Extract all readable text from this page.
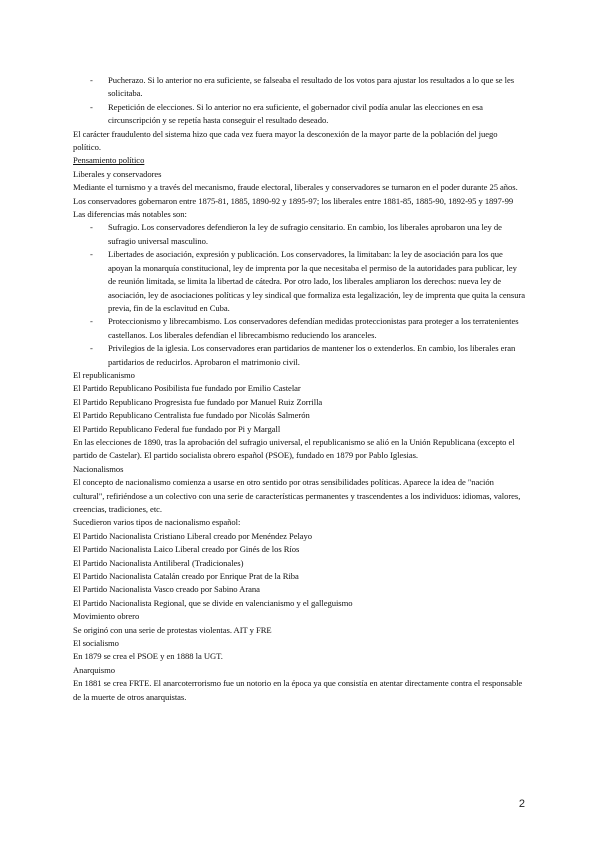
- Pucherazo. Si lo anterior no era suficiente, se falseaba el resultado de los votos para ajustar los resultados a lo que se les solicitaba.

- Repetición de elecciones. Si lo anterior no era suficiente, el gobernador civil podía anular las elecciones en esa circunscripción y se repetía hasta conseguir el resultado deseado.

El carácter fraudulento del sistema hizo que cada vez fuera mayor la desconexión de la mayor parte de la población del juego político.

Pensamiento político

Liberales y conservadores

Mediante el turnismo y a través del mecanismo, fraude electoral, liberales y conservadores se turnaron en el poder durante 25 años. Los conservadores gobernaron entre 1875-81, 1885, 1890-92 y 1895-97; los liberales entre 1881-85, 1885-90, 1892-95 y 1897-99 Las diferencias más notables son:

- Sufragio. Los conservadores defendieron la ley de sufragio censitario. En cambio, los liberales aprobaron una ley de sufragio universal masculino.

- Libertades de asociación, expresión y publicación. Los conservadores, la limitaban: la ley de asociación para los que apoyan la monarquía constitucional, ley de imprenta por la que necesitaba el permiso de la autoridades para publicar, ley de reunión limitada, se limita la libertad de cátedra. Por otro lado, los liberales ampliaron los derechos: nueva ley de asociación, ley de asociaciones políticas y ley sindical que formaliza esta legalización, ley de imprenta que quita la censura previa, fin de la esclavitud en Cuba.

- Proteccionismo y librecambismo. Los conservadores defendían medidas proteccionistas para proteger a los terratenientes castellanos. Los liberales defendían el librecambismo reduciendo los aranceles.

- Privilegios de la iglesia. Los conservadores eran partidarios de mantener los o extenderlos. En cambio, los liberales eran partidarios de reducirlos. Aprobaron el matrimonio civil.

El republicanismo

El Partido Republicano Posibilista fue fundado por Emilio Castelar

El Partido Republicano Progresista fue fundado por Manuel Ruiz Zorrilla

El Partido Republicano Centralista fue fundado por Nicolás Salmerón

El Partido Republicano Federal fue fundado por Pi y Margall

En las elecciones de 1890, tras la aprobación del sufragio universal, el republicanismo se alió en la Unión Republicana (excepto el partido de Castelar). El partido socialista obrero español (PSOE), fundado en 1879 por Pablo Iglesias.

Nacionalismos

El concepto de nacionalismo comienza a usarse en otro sentido por otras sensibilidades políticas. Aparece la idea de "nación cultural", refiriéndose a un colectivo con una serie de características permanentes y trascendentes a los individuos: idiomas, valores, creencias, tradiciones, etc.

Sucedieron varios tipos de nacionalismo español:

El Partido Nacionalista Cristiano Liberal creado por Menéndez Pelayo

El Partido Nacionalista Laico Liberal creado por Ginés de los Ríos

El Partido Nacionalista Antiliberal (Tradicionales)

El Partido Nacionalista Catalán creado por Enrique Prat de la Riba

El Partido Nacionalista Vasco creado por Sabino Arana

El Partido Nacionalista Regional, que se divide en valencianismo y el galleguismo

Movimiento obrero

Se originó con una serie de protestas violentas. AIT y FRE

El socialismo

En 1879 se crea el PSOE y en 1888 la UGT.

Anarquismo

En 1881 se crea FRTE. El anarcoterrorismo fue un notorio en la época ya que consistía en atentar directamente contra el responsable de la muerte de otros anarquistas.

2
